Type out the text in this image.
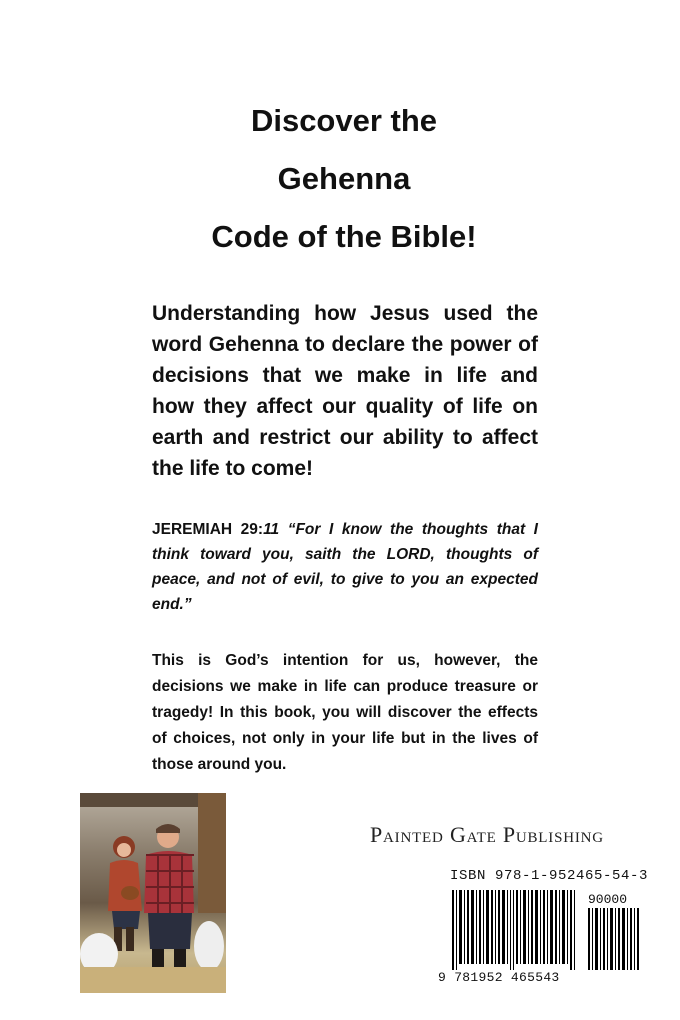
Discover the
Gehenna
Code of the Bible!
Understanding how Jesus used the word Gehenna to declare the power of decisions that we make in life and how they affect our quality of life on earth and restrict our ability to affect the life to come!
JEREMIAH 29:11 “For I know the thoughts that I think toward you, saith the LORD, thoughts of peace, and not of evil, to give to you an expected end.”
This is God’s intention for us, however, the decisions we make in life can produce treasure or tragedy! In this book, you will discover the effects of choices, not only in your life but in the lives of those around you.
Painted Gate Publishing
ISBN 978-1-952465-54-3
90000
9 781952 465543
